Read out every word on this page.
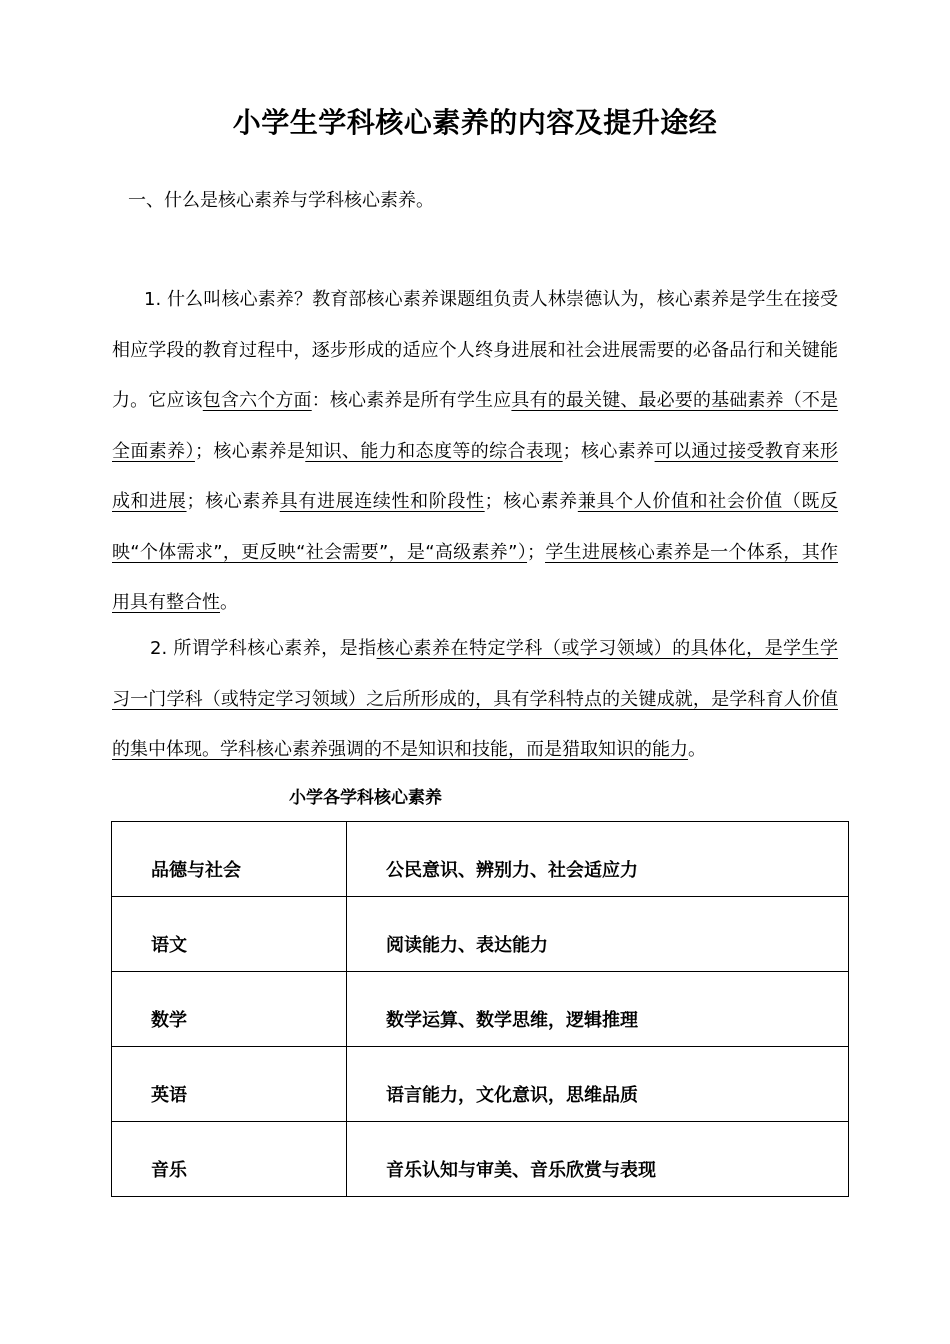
小学生学科核心素养的内容及提升途经
一、什么是核心素养与学科核心素养。

1. 什么叫核心素养？教育部核心素养课题组负责人林崇德认为，核心素养是学生在接受相应学段的教育过程中，逐步形成的适应个人终身进展和社会进展需要的必备品行和关键能力。它应该包含六个方面：核心素养是所有学生应具有的最关键、最必要的基础素养（不是全面素养）；核心素养是知识、能力和态度等的综合表现；核心素养可以通过接受教育来形成和进展；核心素养具有进展连续性和阶段性；核心素养兼具个人价值和社会价值（既反映“个体需求”，更反映“社会需要”，是“高级素养”）；学生进展核心素养是一个体系，其作用具有整合性。

2. 所谓学科核心素养，是指核心素养在特定学科（或学习领域）的具体化，是学生学习一门学科（或特定学习领域）之后所形成的，具有学科特点的关键成就，是学科育人价值的集中体现。学科核心素养强调的不是知识和技能，而是猎取知识的能力。

小学各学科核心素养
品德与社会	公民意识、辨别力、社会适应力
语文	阅读能力、表达能力
数学	数学运算、数学思维，逻辑推理
英语	语言能力，文化意识，思维品质
音乐	音乐认知与审美、音乐欣赏与表现
